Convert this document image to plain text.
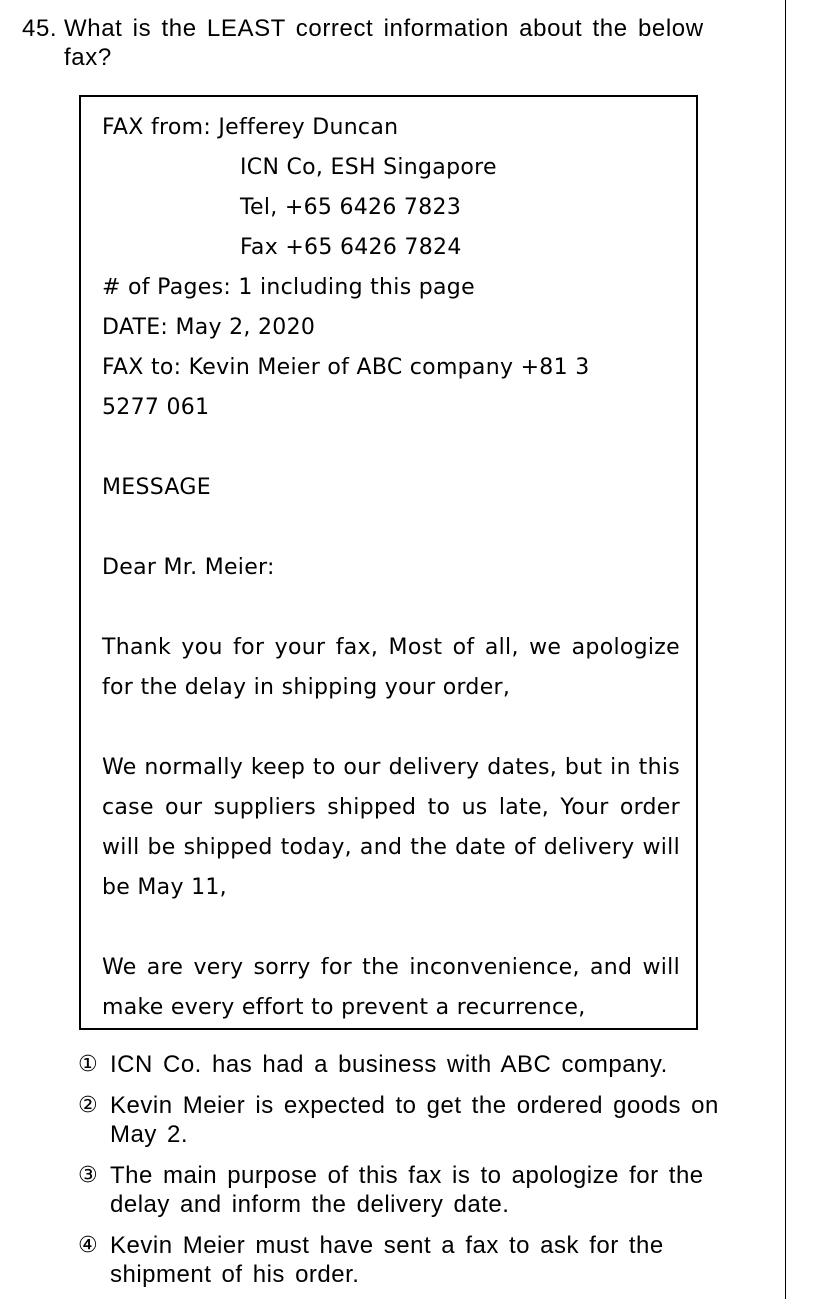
45. What is the LEAST correct information about the below
fax?
FAX from: Jefferey Duncan
ICN Co, ESH Singapore
Tel, +65 6426 7823
Fax +65 6426 7824
# of Pages: 1 including this page
DATE: May 2, 2020
FAX to: Kevin Meier of ABC company +81 3
5277 061
MESSAGE
Dear Mr. Meier:
Thank you for your fax, Most of all, we apologize for the delay in shipping your order,
We normally keep to our delivery dates, but in this case our suppliers shipped to us late, Your order will be shipped today, and the date of delivery will be May 11,
We are very sorry for the inconvenience, and will make every effort to prevent a recurrence,
① ICN Co. has had a business with ABC company.
② Kevin Meier is expected to get the ordered goods on May 2.
③ The main purpose of this fax is to apologize for the delay and inform the delivery date.
④ Kevin Meier must have sent a fax to ask for the shipment of his order.
